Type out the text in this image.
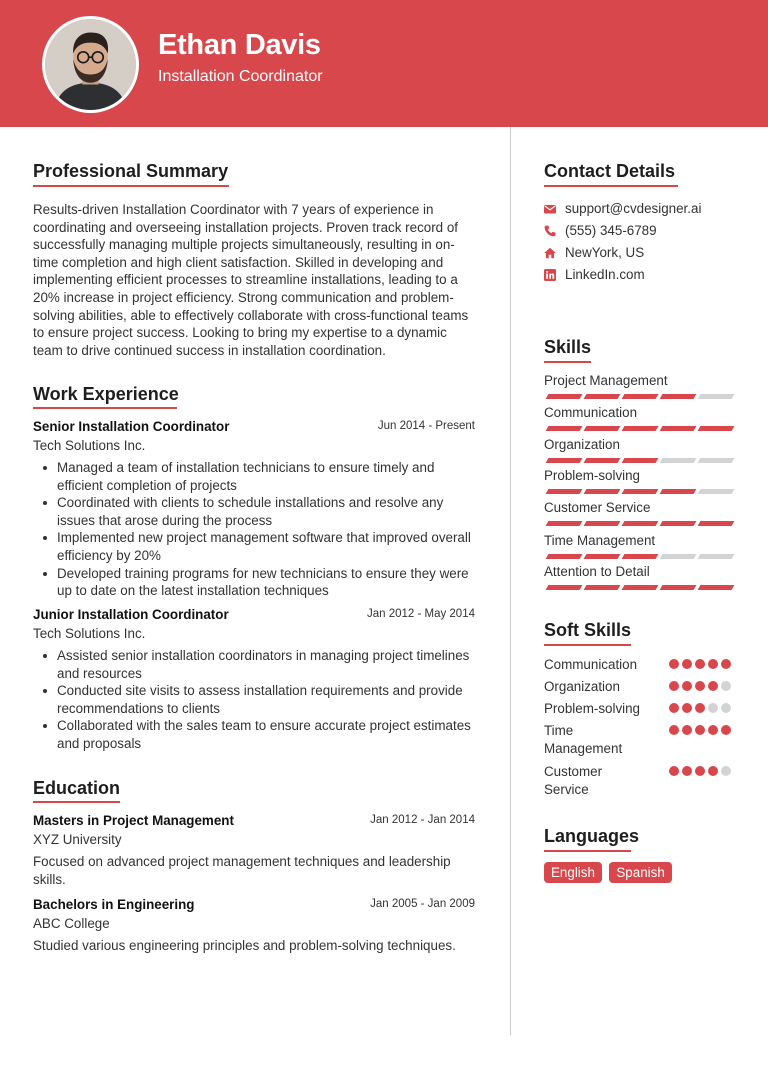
Ethan Davis
Installation Coordinator
Professional Summary
Results-driven Installation Coordinator with 7 years of experience in coordinating and overseeing installation projects. Proven track record of successfully managing multiple projects simultaneously, resulting in on-time completion and high client satisfaction. Skilled in developing and implementing efficient processes to streamline installations, leading to a 20% increase in project efficiency. Strong communication and problem-solving abilities, able to effectively collaborate with cross-functional teams to ensure project success. Looking to bring my expertise to a dynamic team to drive continued success in installation coordination.
Work Experience
Senior Installation Coordinator	Jun 2014 - Present
Tech Solutions Inc.
Managed a team of installation technicians to ensure timely and efficient completion of projects
Coordinated with clients to schedule installations and resolve any issues that arose during the process
Implemented new project management software that improved overall efficiency by 20%
Developed training programs for new technicians to ensure they were up to date on the latest installation techniques
Junior Installation Coordinator	Jan 2012 - May 2014
Tech Solutions Inc.
Assisted senior installation coordinators in managing project timelines and resources
Conducted site visits to assess installation requirements and provide recommendations to clients
Collaborated with the sales team to ensure accurate project estimates and proposals
Education
Masters in Project Management	Jan 2012 - Jan 2014
XYZ University
Focused on advanced project management techniques and leadership skills.
Bachelors in Engineering	Jan 2005 - Jan 2009
ABC College
Studied various engineering principles and problem-solving techniques.
Contact Details
support@cvdesigner.ai
(555) 345-6789
NewYork, US
LinkedIn.com
Skills
Project Management
Communication
Organization
Problem-solving
Customer Service
Time Management
Attention to Detail
Soft Skills
Communication
Organization
Problem-solving
Time Management
Customer Service
Languages
English Spanish
